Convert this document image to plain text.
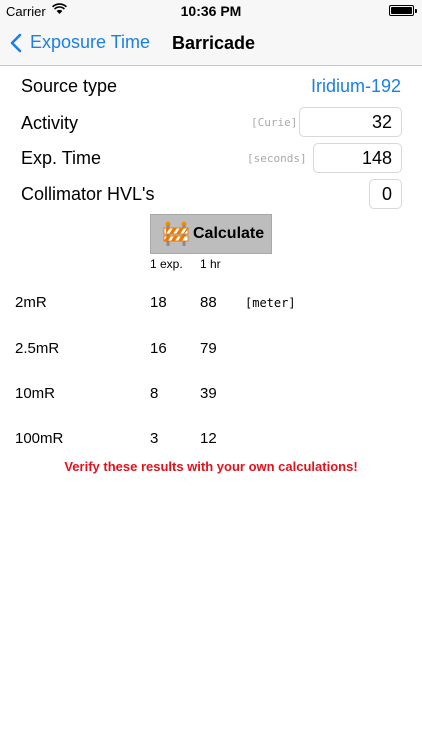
Carrier	10:36 PM
Exposure Time Barricade
Source type	Iridium-192
Activity	[Curie]	32
Exp. Time	[seconds]	148
Collimator HVL's	0
Calculate
1 exp. 1 hr
2mR	18 88 [meter]
2.5mR	16 79
10mR	8	39
100mR	3	12
Verify these results with your own calculations!
